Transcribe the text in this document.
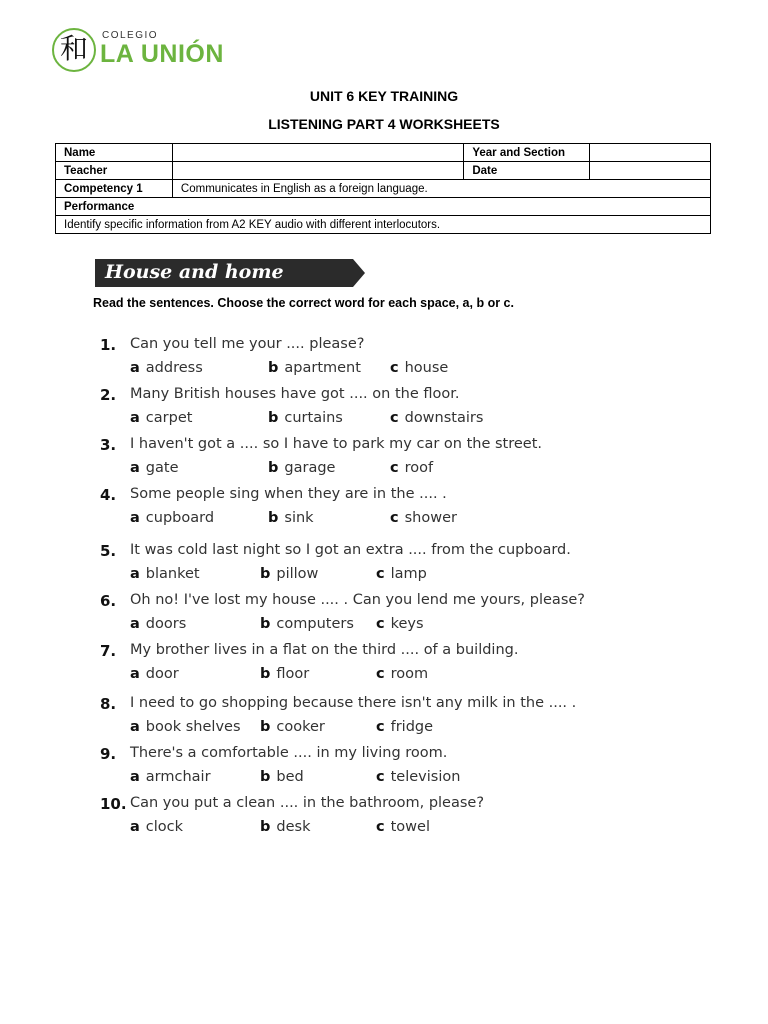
和	COLEGIO
LA UNIÓN
UNIT 6 KEY TRAINING
LISTENING PART 4 WORKSHEETS
Name		Year and Section	
Teacher		Date	
Competency 1	Communicates in English as a foreign language.		
Performance			
Identify specific information from A2 KEY audio with different interlocutors.			
House and home
Read the sentences. Choose the correct word for each space, a, b or c.
1. Can you tell me your .... please?
a address	b apartment c house
2. Many British houses have got .... on the floor.
a carpet	b curtains	c downstairs
3. I haven't got a .... so I have to park my car on the street.
a gate	b garage	c roof
4. Some people sing when they are in the .... .
a cupboard	b sink	c shower
5. It was cold last night so I got an extra .... from the cupboard.
a blanket	b pillow	c lamp
6. Oh no! I've lost my house .... . Can you lend me yours, please?
a doors	b computers c keys
7. My brother lives in a flat on the third .... of a building.
a door	b floor	c room
8. I need to go shopping because there isn't any milk in the .... .
a book shelves b cooker	c fridge
9. There's a comfortable .... in my living room.
a armchair	b bed	c television
10. Can you put a clean .... in the bathroom, please?
a clock	b desk	c towel
